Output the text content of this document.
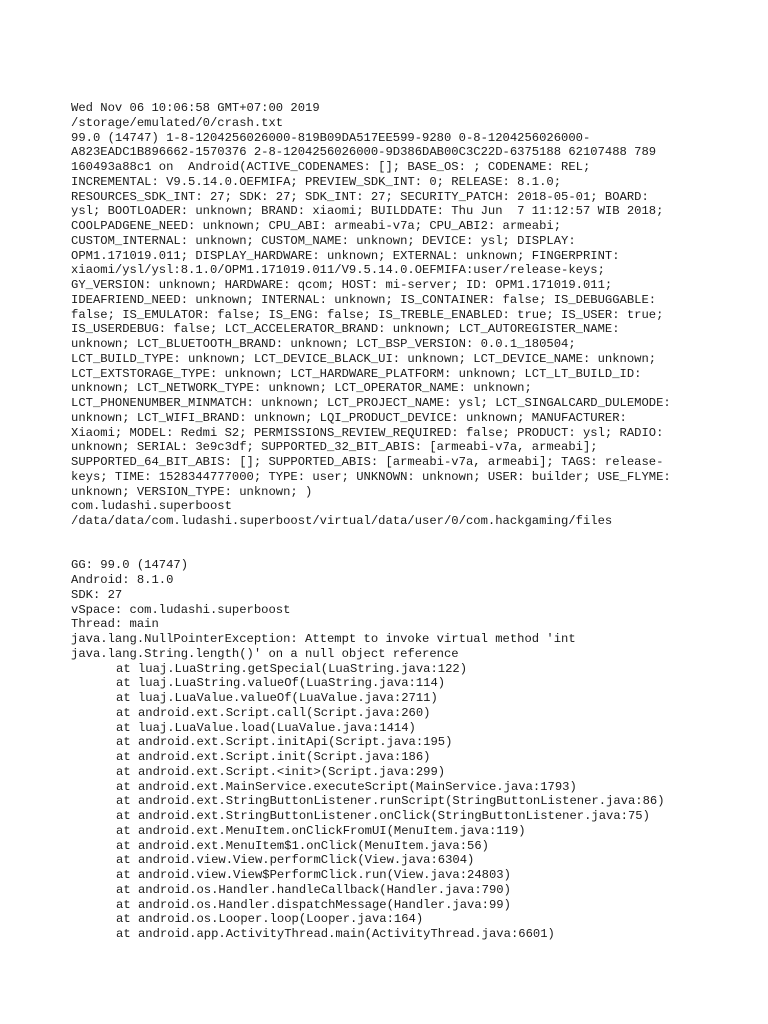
Wed Nov 06 10:06:58 GMT+07:00 2019
/storage/emulated/0/crash.txt
99.0 (14747) 1-8-1204256026000-819B09DA517EE599-9280 0-8-1204256026000-
A823EADC1B896662-1570376 2-8-1204256026000-9D386DAB00C3C22D-6375188 62107488 789
160493a88c1 on  Android(ACTIVE_CODENAMES: []; BASE_OS: ; CODENAME: REL;
INCREMENTAL: V9.5.14.0.OEFMIFA; PREVIEW_SDK_INT: 0; RELEASE: 8.1.0;
RESOURCES_SDK_INT: 27; SDK: 27; SDK_INT: 27; SECURITY_PATCH: 2018-05-01; BOARD:
ysl; BOOTLOADER: unknown; BRAND: xiaomi; BUILDDATE: Thu Jun  7 11:12:57 WIB 2018;
COOLPADGENE_NEED: unknown; CPU_ABI: armeabi-v7a; CPU_ABI2: armeabi;
CUSTOM_INTERNAL: unknown; CUSTOM_NAME: unknown; DEVICE: ysl; DISPLAY:
OPM1.171019.011; DISPLAY_HARDWARE: unknown; EXTERNAL: unknown; FINGERPRINT:
xiaomi/ysl/ysl:8.1.0/OPM1.171019.011/V9.5.14.0.OEFMIFA:user/release-keys;
GY_VERSION: unknown; HARDWARE: qcom; HOST: mi-server; ID: OPM1.171019.011;
IDEAFRIEND_NEED: unknown; INTERNAL: unknown; IS_CONTAINER: false; IS_DEBUGGABLE:
false; IS_EMULATOR: false; IS_ENG: false; IS_TREBLE_ENABLED: true; IS_USER: true;
IS_USERDEBUG: false; LCT_ACCELERATOR_BRAND: unknown; LCT_AUTOREGISTER_NAME:
unknown; LCT_BLUETOOTH_BRAND: unknown; LCT_BSP_VERSION: 0.0.1_180504;
LCT_BUILD_TYPE: unknown; LCT_DEVICE_BLACK_UI: unknown; LCT_DEVICE_NAME: unknown;
LCT_EXTSTORAGE_TYPE: unknown; LCT_HARDWARE_PLATFORM: unknown; LCT_LT_BUILD_ID:
unknown; LCT_NETWORK_TYPE: unknown; LCT_OPERATOR_NAME: unknown;
LCT_PHONENUMBER_MINMATCH: unknown; LCT_PROJECT_NAME: ysl; LCT_SINGALCARD_DULEMODE:
unknown; LCT_WIFI_BRAND: unknown; LQI_PRODUCT_DEVICE: unknown; MANUFACTURER:
Xiaomi; MODEL: Redmi S2; PERMISSIONS_REVIEW_REQUIRED: false; PRODUCT: ysl; RADIO:
unknown; SERIAL: 3e9c3df; SUPPORTED_32_BIT_ABIS: [armeabi-v7a, armeabi];
SUPPORTED_64_BIT_ABIS: []; SUPPORTED_ABIS: [armeabi-v7a, armeabi]; TAGS: release-
keys; TIME: 1528344777000; TYPE: user; UNKNOWN: unknown; USER: builder; USE_FLYME:
unknown; VERSION_TYPE: unknown; )
com.ludashi.superboost
/data/data/com.ludashi.superboost/virtual/data/user/0/com.hackgaming/files
GG: 99.0 (14747)
Android: 8.1.0
SDK: 27
vSpace: com.ludashi.superboost
Thread: main
java.lang.NullPointerException: Attempt to invoke virtual method 'int
java.lang.String.length()' on a null object reference
at luaj.LuaString.getSpecial(LuaString.java:122)
at luaj.LuaString.valueOf(LuaString.java:114)
at luaj.LuaValue.valueOf(LuaValue.java:2711)
at android.ext.Script.call(Script.java:260)
at luaj.LuaValue.load(LuaValue.java:1414)
at android.ext.Script.initApi(Script.java:195)
at android.ext.Script.init(Script.java:186)
at android.ext.Script.<init>(Script.java:299)
at android.ext.MainService.executeScript(MainService.java:1793)
at android.ext.StringButtonListener.runScript(StringButtonListener.java:86)
at android.ext.StringButtonListener.onClick(StringButtonListener.java:75)
at android.ext.MenuItem.onClickFromUI(MenuItem.java:119)
at android.ext.MenuItem$1.onClick(MenuItem.java:56)
at android.view.View.performClick(View.java:6304)
at android.view.View$PerformClick.run(View.java:24803)
at android.os.Handler.handleCallback(Handler.java:790)
at android.os.Handler.dispatchMessage(Handler.java:99)
at android.os.Looper.loop(Looper.java:164)
at android.app.ActivityThread.main(ActivityThread.java:6601)
